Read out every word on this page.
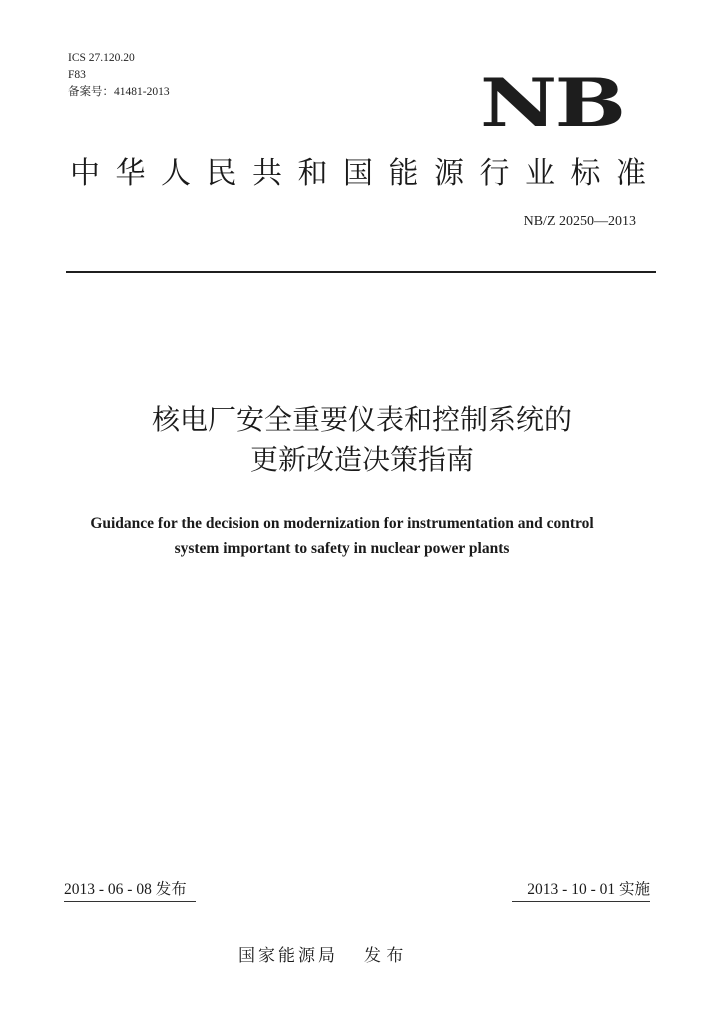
ICS 27.120.20
F83
备案号：41481-2013	NB
中 华 人 民 共 和 国 能 源 行 业 标 准
NB/Z 20250—2013
核电厂安全重要仪表和控制系统的
更新改造决策指南
Guidance for the decision on modernization for instrumentation and control
system important to safety in nuclear power plants
2013 - 06 - 08 发布	2013 - 10 - 01 实施
国家能源局 发 布
